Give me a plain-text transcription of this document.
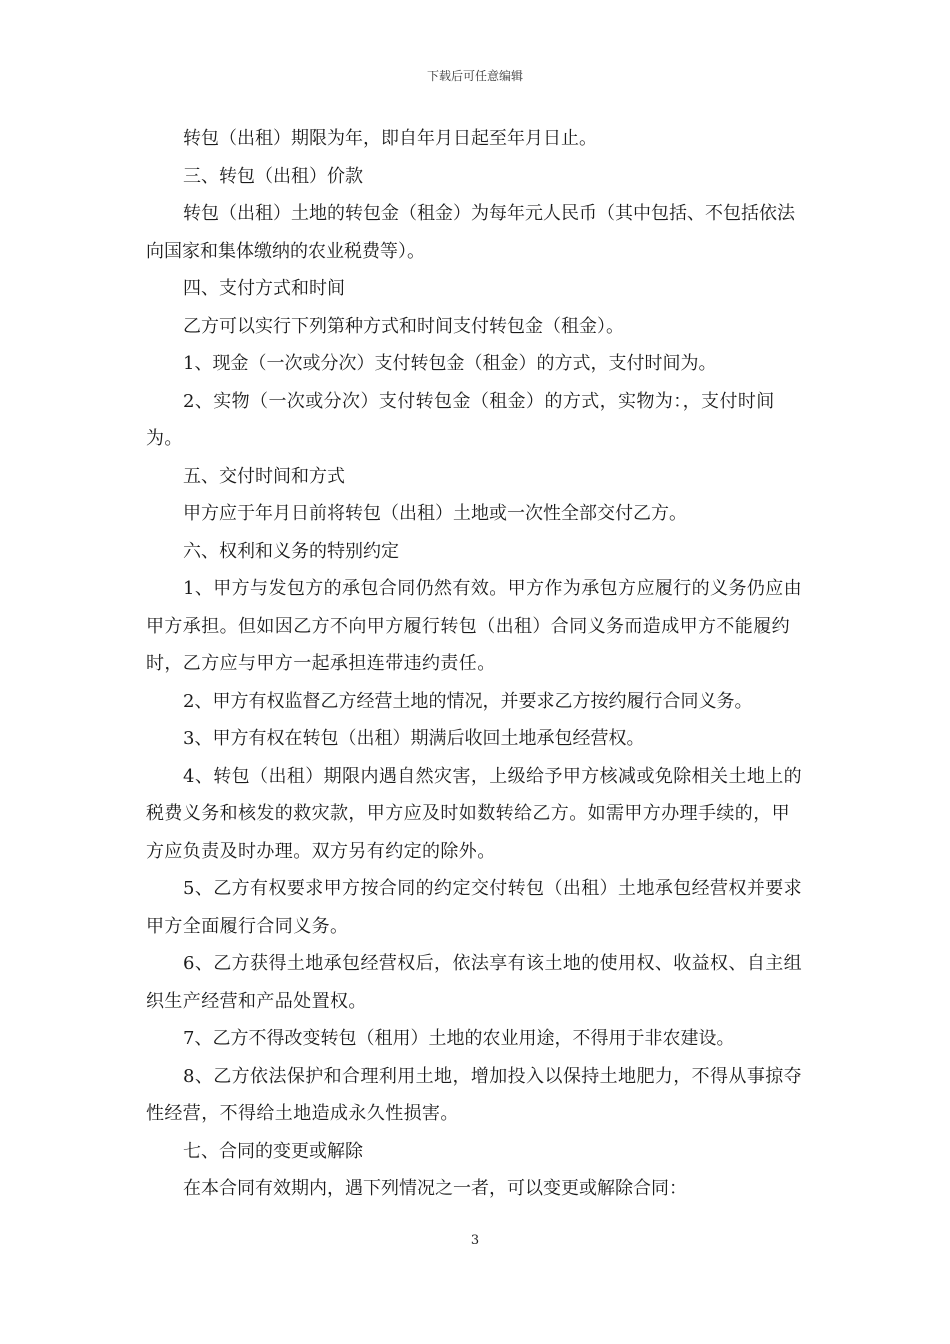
下载后可任意编辑

转包（出租）期限为年，即自年月日起至年月日止。

三、转包（出租）价款

转包（出租）土地的转包金（租金）为每年元人民币（其中包括、不包括依法向国家和集体缴纳的农业税费等）。

四、支付方式和时间

乙方可以实行下列第种方式和时间支付转包金（租金）。

1、现金（一次或分次）支付转包金（租金）的方式，支付时间为。

2、实物（一次或分次）支付转包金（租金）的方式，实物为：，支付时间为。

五、交付时间和方式

甲方应于年月日前将转包（出租）土地或一次性全部交付乙方。

六、权利和义务的特别约定

1、甲方与发包方的承包合同仍然有效。甲方作为承包方应履行的义务仍应由甲方承担。但如因乙方不向甲方履行转包（出租）合同义务而造成甲方不能履约时，乙方应与甲方一起承担连带违约责任。

2、甲方有权监督乙方经营土地的情况，并要求乙方按约履行合同义务。

3、甲方有权在转包（出租）期满后收回土地承包经营权。

4、转包（出租）期限内遇自然灾害，上级给予甲方核减或免除相关土地上的税费义务和核发的救灾款，甲方应及时如数转给乙方。如需甲方办理手续的，甲方应负责及时办理。双方另有约定的除外。

5、乙方有权要求甲方按合同的约定交付转包（出租）土地承包经营权并要求甲方全面履行合同义务。

6、乙方获得土地承包经营权后，依法享有该土地的使用权、收益权、自主组织生产经营和产品处置权。

7、乙方不得改变转包（租用）土地的农业用途，不得用于非农建设。

8、乙方依法保护和合理利用土地，增加投入以保持土地肥力，不得从事掠夺性经营，不得给土地造成永久性损害。

七、合同的变更或解除

在本合同有效期内，遇下列情况之一者，可以变更或解除合同：

3
